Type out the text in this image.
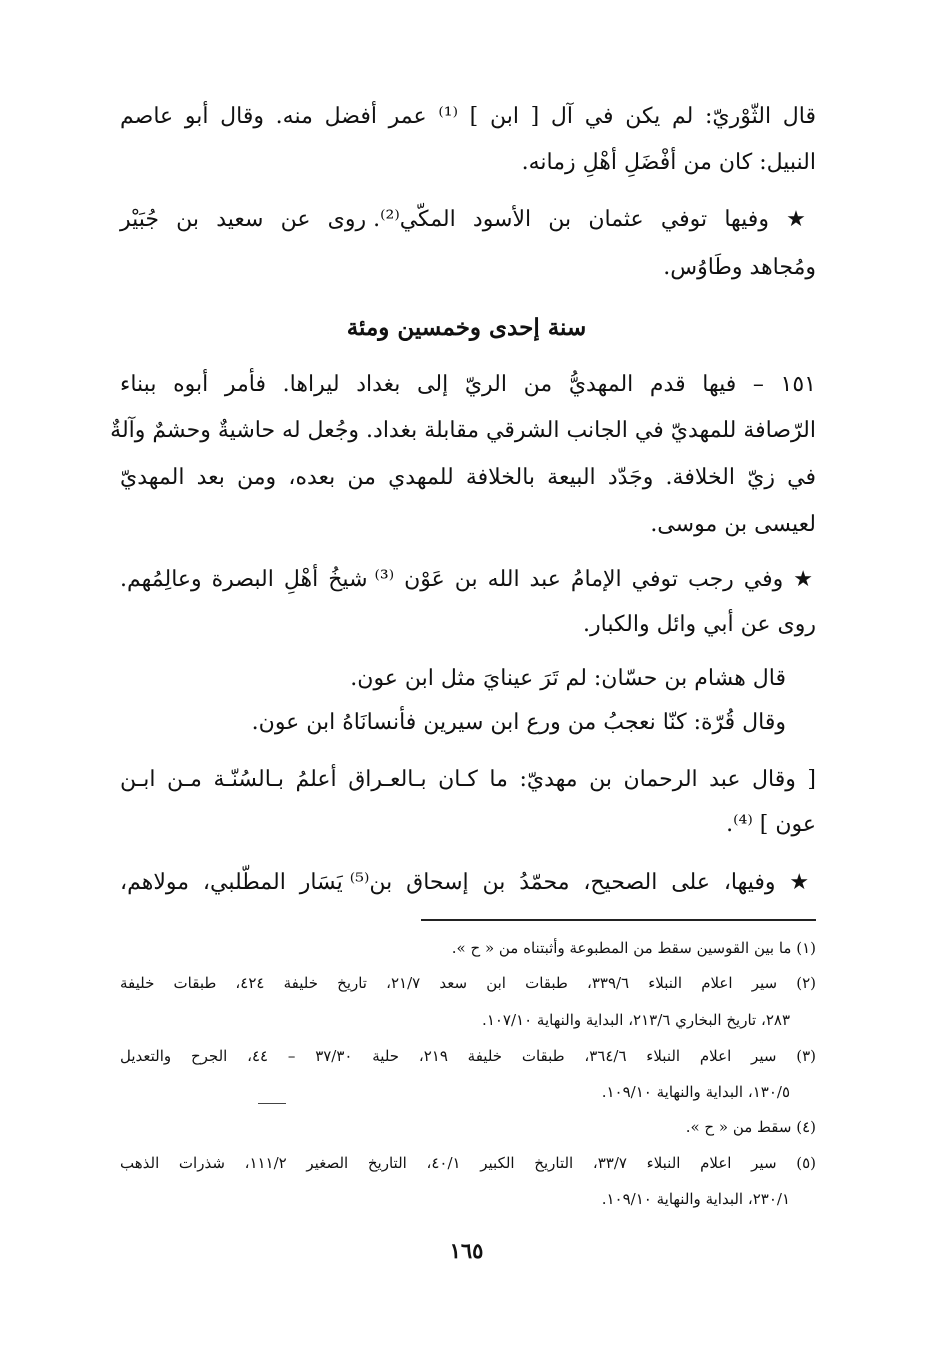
قال الثّوْريّ: لم يكن في آل [ ابن ] ⁽¹⁾ عمر أفضل منه. وقال أبو عاصم
النبيل: كان من أفْضَلِ أهْلِ زمانه.
★ وفيها توفي عثمان بن الأسود المكّي⁽²⁾. روى عن سعيد بن جُبَيْر
ومُجاهد وطَاوُس.
سنة إحدى وخمسين ومئة
١٥١ – فيها قدم المهديُّ من الريّ إلى بغداد ليراها. فأمر أبوه ببناء
الرّصافة للمهديّ في الجانب الشرقي مقابلة بغداد. وجُعل له حاشيةٌ وحشمٌ وآلةٌ
في زيّ الخلافة. وجَدّد البيعة بالخلافة للمهدي من بعده، ومن بعد المهديّ
لعيسى بن موسى.
★ وفي رجب توفي الإمامُ عبد الله بن عَوْن ⁽³⁾ شيخُ أهْلِ البصرة وعالِمُهم.
روى عن أبي وائل والكبار.
قال هشام بن حسّان: لم تَرَ عينايَ مثل ابن عون.
وقال قُرّة: كنّا نعجبُ من ورع ابن سيرين فأنسانَاهُ ابن عون.
[ وقال عبد الرحمان بن مهديّ: ما كـان بـالعـراق أعلمُ بـالسُنّـة مـن ابـن
عون ] ⁽⁴⁾.
★ وفيها، على الصحيح، محمّدُ بن إسحاق بن⁽⁵⁾ يَسَار المطّلبي، مولاهم،
(١) ما بين القوسين سقط من المطبوعة وأثبتناه من « ح ».
(٢) سير اعلام النبلاء ٣٣٩/٦، طبقات ابن سعد ٢١/٧، تاريخ خليفة ٤٢٤، طبقات خليفة
٢٨٣، تاريخ البخاري ٢١٣/٦، البداية والنهاية ١٠٧/١٠.
(٣) سير اعلام النبلاء ٣٦٤/٦، طبقات خليفة ٢١٩، حلية ٣٧/٣٠ – ٤٤، الجرح والتعديل
١٣٠/٥، البداية والنهاية ١٠٩/١٠.
(٤) سقط من « ح ».
(٥) سير اعلام النبلاء ٣٣/٧، التاريخ الكبير ٤٠/١، التاريخ الصغير ١١١/٢، شذرات الذهب
٢٣٠/١، البداية والنهاية ١٠٩/١٠.
١٦٥
